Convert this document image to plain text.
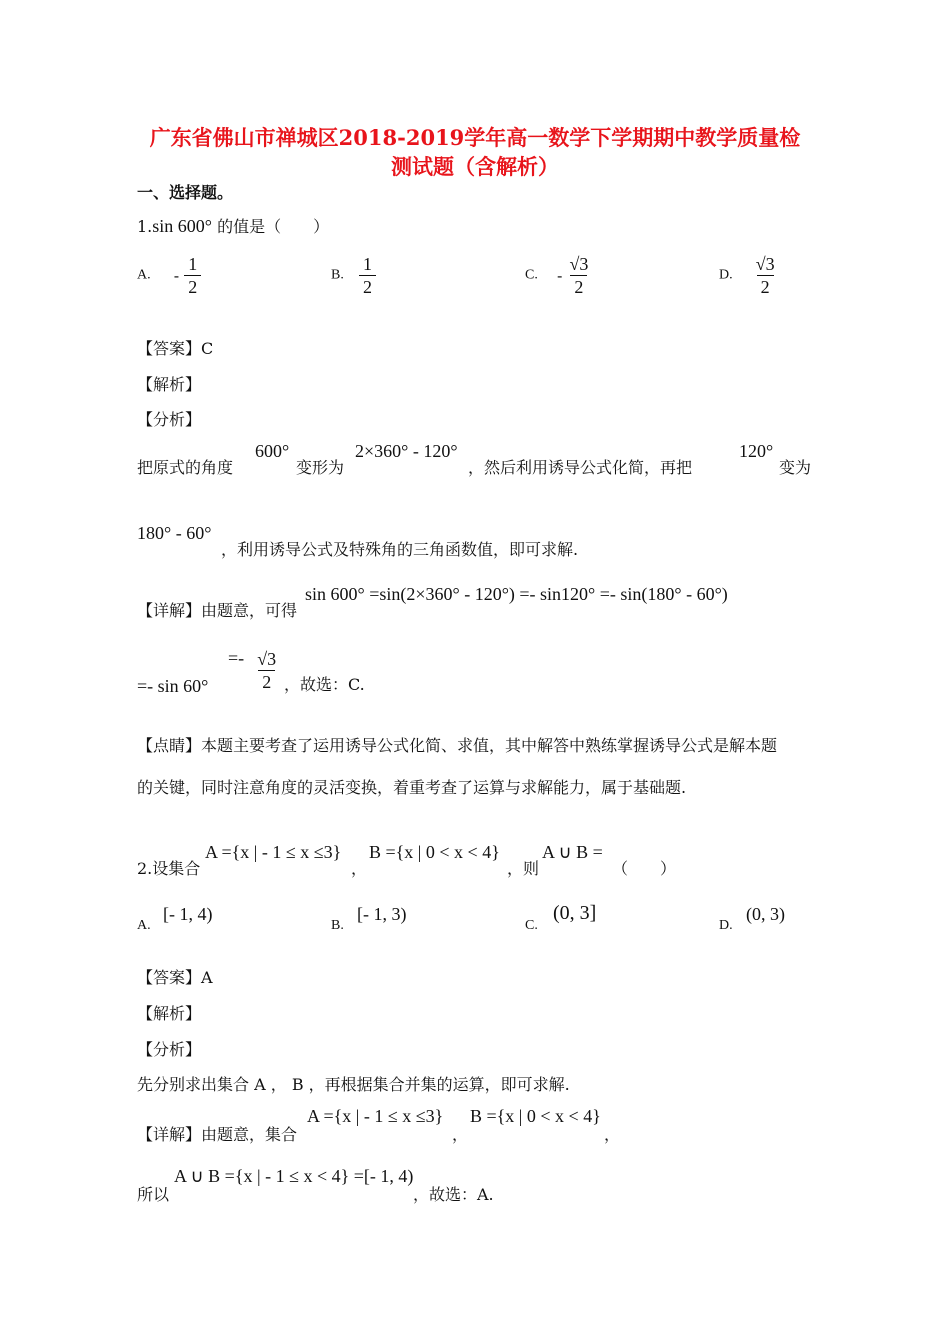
广东省佛山市禅城区2018-2019学年高一数学下学期期中教学质量检
测试题（含解析）
一、选择题。
1.sin 600° 的值是（　　）
A. - $\frac{1}{2}$	B. $\frac{1}{2}$	C. - $\frac{√3}{2}$	D. $\frac{√3}{2}$
【答案】C
【解析】
【分析】
把原式的角度
600°
变形为
2×360° - 120°
，然后利用诱导公式化简，再把
120°
变为
180° - 60°
，利用诱导公式及特殊角的三角函数值，即可求解.
【详解】由题意，可得
sin 600° =sin(2×360° - 120°) =- sin120° =- sin(180° - 60°)
=- sin 60°
=- $\frac{√3}{2}$ ，故选：C.
【点睛】本题主要考查了运用诱导公式化简、求值，其中解答中熟练掌握诱导公式是解本题
的关键，同时注意角度的灵活变换，着重考查了运算与求解能力，属于基础题.
2.设集合
A ={x | - 1 ≤ x ≤3}
，
B ={x | 0 < x < 4}
，则
A ∪ B =
（　　）
A.
[- 1, 4)
B.
[- 1, 3)
C.
(0, 3]
D.
(0, 3)
【答案】A
【解析】
【分析】
先分别求出集合 A ， B ，再根据集合并集的运算，即可求解.
【详解】由题意，集合
A ={x | - 1 ≤ x ≤3}
，
B ={x | 0 < x < 4}
，
所以
A ∪ B ={x | - 1 ≤ x < 4} =[- 1, 4)
，故选：A.
